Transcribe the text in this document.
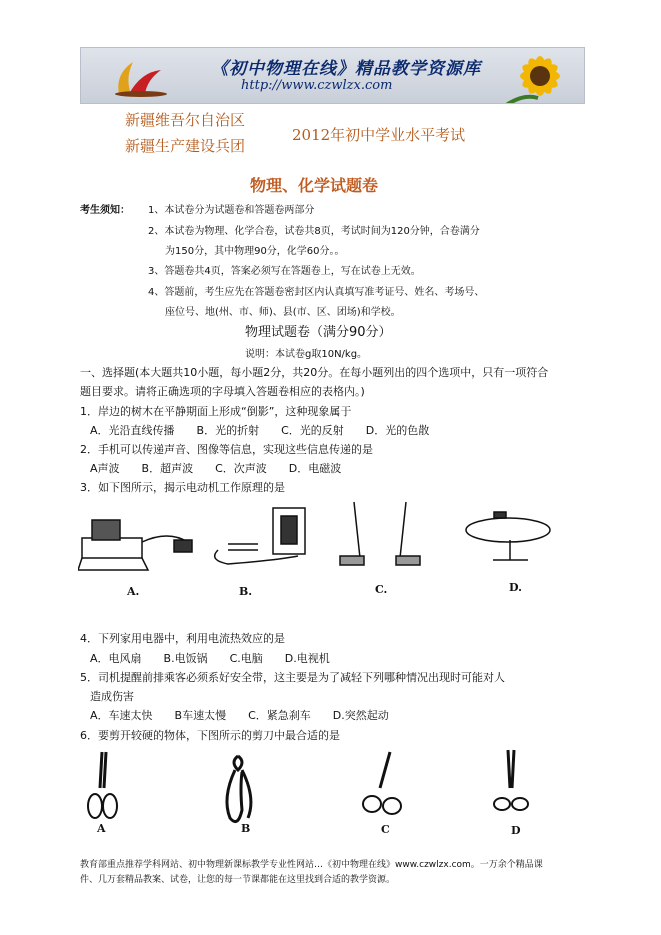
《初中物理在线》精品教学资源库
http://www.czwlzx.com
新疆维吾尔自治区
新疆生产建设兵团
2012年初中学业水平考试
物理、化学试题卷
考生须知： 1、本试卷分为试题卷和答题卷两部分
2、本试卷为物理、化学合卷，试卷共8页，考试时间为120分钟，合卷满分
为150分，其中物理90分，化学60分。。
3、答题卷共4页，答案必须写在答题卷上，写在试卷上无效。
4、答题前，考生应先在答题卷密封区内认真填写准考证号、姓名、考场号、
座位号、地(州、市、师)、县(市、区、团场)和学校。
物理试题卷（满分90分）
说明：本试卷g取10N/kg。
一、选择题(本大题共10小题，每小题2分，共20分。在每小题列出的四个选项中，只有一项符合
题目要求。请将正确选项的字母填入答题卷相应的表格内。)
1．岸边的树木在平静期面上形成“倒影”，这种现象属于
A．光沿直线传播　　B．光的折射　　C．光的反射　　D．光的色散
2．手机可以传递声音、图像等信息，实现这些信息传递的是
A声波　　B．超声波　　C．次声波　　D．电磁波
3．如下图所示，揭示电动机工作原理的是
A.	B.	C.	D.
4．下列家用电器中，利用电流热效应的是
A．电风扇　　B.电饭锅　　C.电脑　　D.电视机
5．司机提醒前排乘客必须系好安全带，这主要是为了减轻下列哪种情况出现时可能对人
造成伤害
A．车速太快　　B车速太慢　　C．紧急刹车　　D.突然起动
6．要剪开较硬的物体，下图所示的剪刀中最合适的是
A	B	C	D
教育部重点推荐学科网站、初中物理新课标教学专业性网站…《初中物理在线》www.czwlzx.com。一万余个精品课
件、几万套精品教案、试卷，让您的每一节课都能在这里找到合适的教学资源。
